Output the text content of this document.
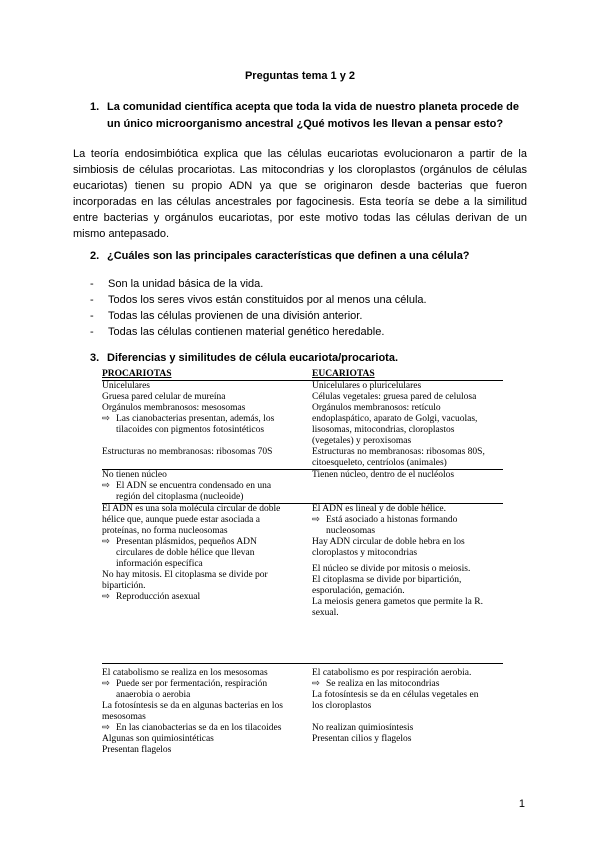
Preguntas tema 1 y 2
1. La comunidad científica acepta que toda la vida de nuestro planeta procede de un único microorganismo ancestral ¿Qué motivos les llevan a pensar esto?
La teoría endosimbiótica explica que las células eucariotas evolucionaron a partir de la simbiosis de células procariotas. Las mitocondrias y los cloroplastos (orgánulos de células eucariotas) tienen su propio ADN ya que se originaron desde bacterias que fueron incorporadas en las células ancestrales por fagocinesis. Esta teoría se debe a la similitud entre bacterias y orgánulos eucariotas, por este motivo todas las células derivan de un mismo antepasado.
2. ¿Cuáles son las principales características que definen a una célula?
- Son la unidad básica de la vida.
- Todos los seres vivos están constituidos por al menos una célula.
- Todas las células provienen de una división anterior.
- Todas las células contienen material genético heredable.
3. Diferencias y similitudes de célula eucariota/procariota.
PROCARIOTAS	EUCARIOTAS
Unicelulares
Gruesa pared celular de mureína
Orgánulos membranosos: mesosomas
⇨ Las cianobacterias presentan, además, los
tilacoides con pigmentos fotosintéticos
Estructuras no membranosas: ribosomas 70S
Unicelulares o pluricelulares
Células vegetales: gruesa pared de celulosa
Orgánulos membranosos: retículo
endoplaspático, aparato de Golgi, vacuolas,
lisosomas, mitocondrias, cloroplastos
(vegetales) y peroxisomas
Estructuras no membranosas: ribosomas 80S,
citoesqueleto, centríolos (animales)
No tienen núcleo
⇨ El ADN se encuentra condensado en una
región del citoplasma (nucleoide)
Tienen núcleo, dentro de el nucléolos
El ADN es una sola molécula circular de doble
hélice que, aunque puede estar asociada a
proteínas, no forma nucleosomas
⇨ Presentan plásmidos, pequeños ADN
circulares de doble hélice que llevan
información específica
No hay mitosis. El citoplasma se divide por
bipartición.
⇨ Reproducción asexual
El ADN es lineal y de doble hélice.
⇨ Está asociado a histonas formando
nucleosomas
Hay ADN circular de doble hebra en los
cloroplastos y mitocondrias
El núcleo se divide por mitosis o meiosis.
El citoplasma se divide por bipartición,
esporulación, gemación.
La meiosis genera gametos que permite la R.
sexual.
El catabolismo se realiza en los mesosomas
⇨ Puede ser por fermentación, respiración
anaerobia o aerobia
La fotosíntesis se da en algunas bacterias en los
mesosomas
⇨ En las cianobacterias se da en los tilacoides
Algunas son quimiosintéticas
Presentan flagelos
El catabolismo es por respiración aerobia.
⇨ Se realiza en las mitocondrias
La fotosíntesis se da en células vegetales en
los cloroplastos
No realizan quimiosíntesis
Presentan cilios y flagelos
1
